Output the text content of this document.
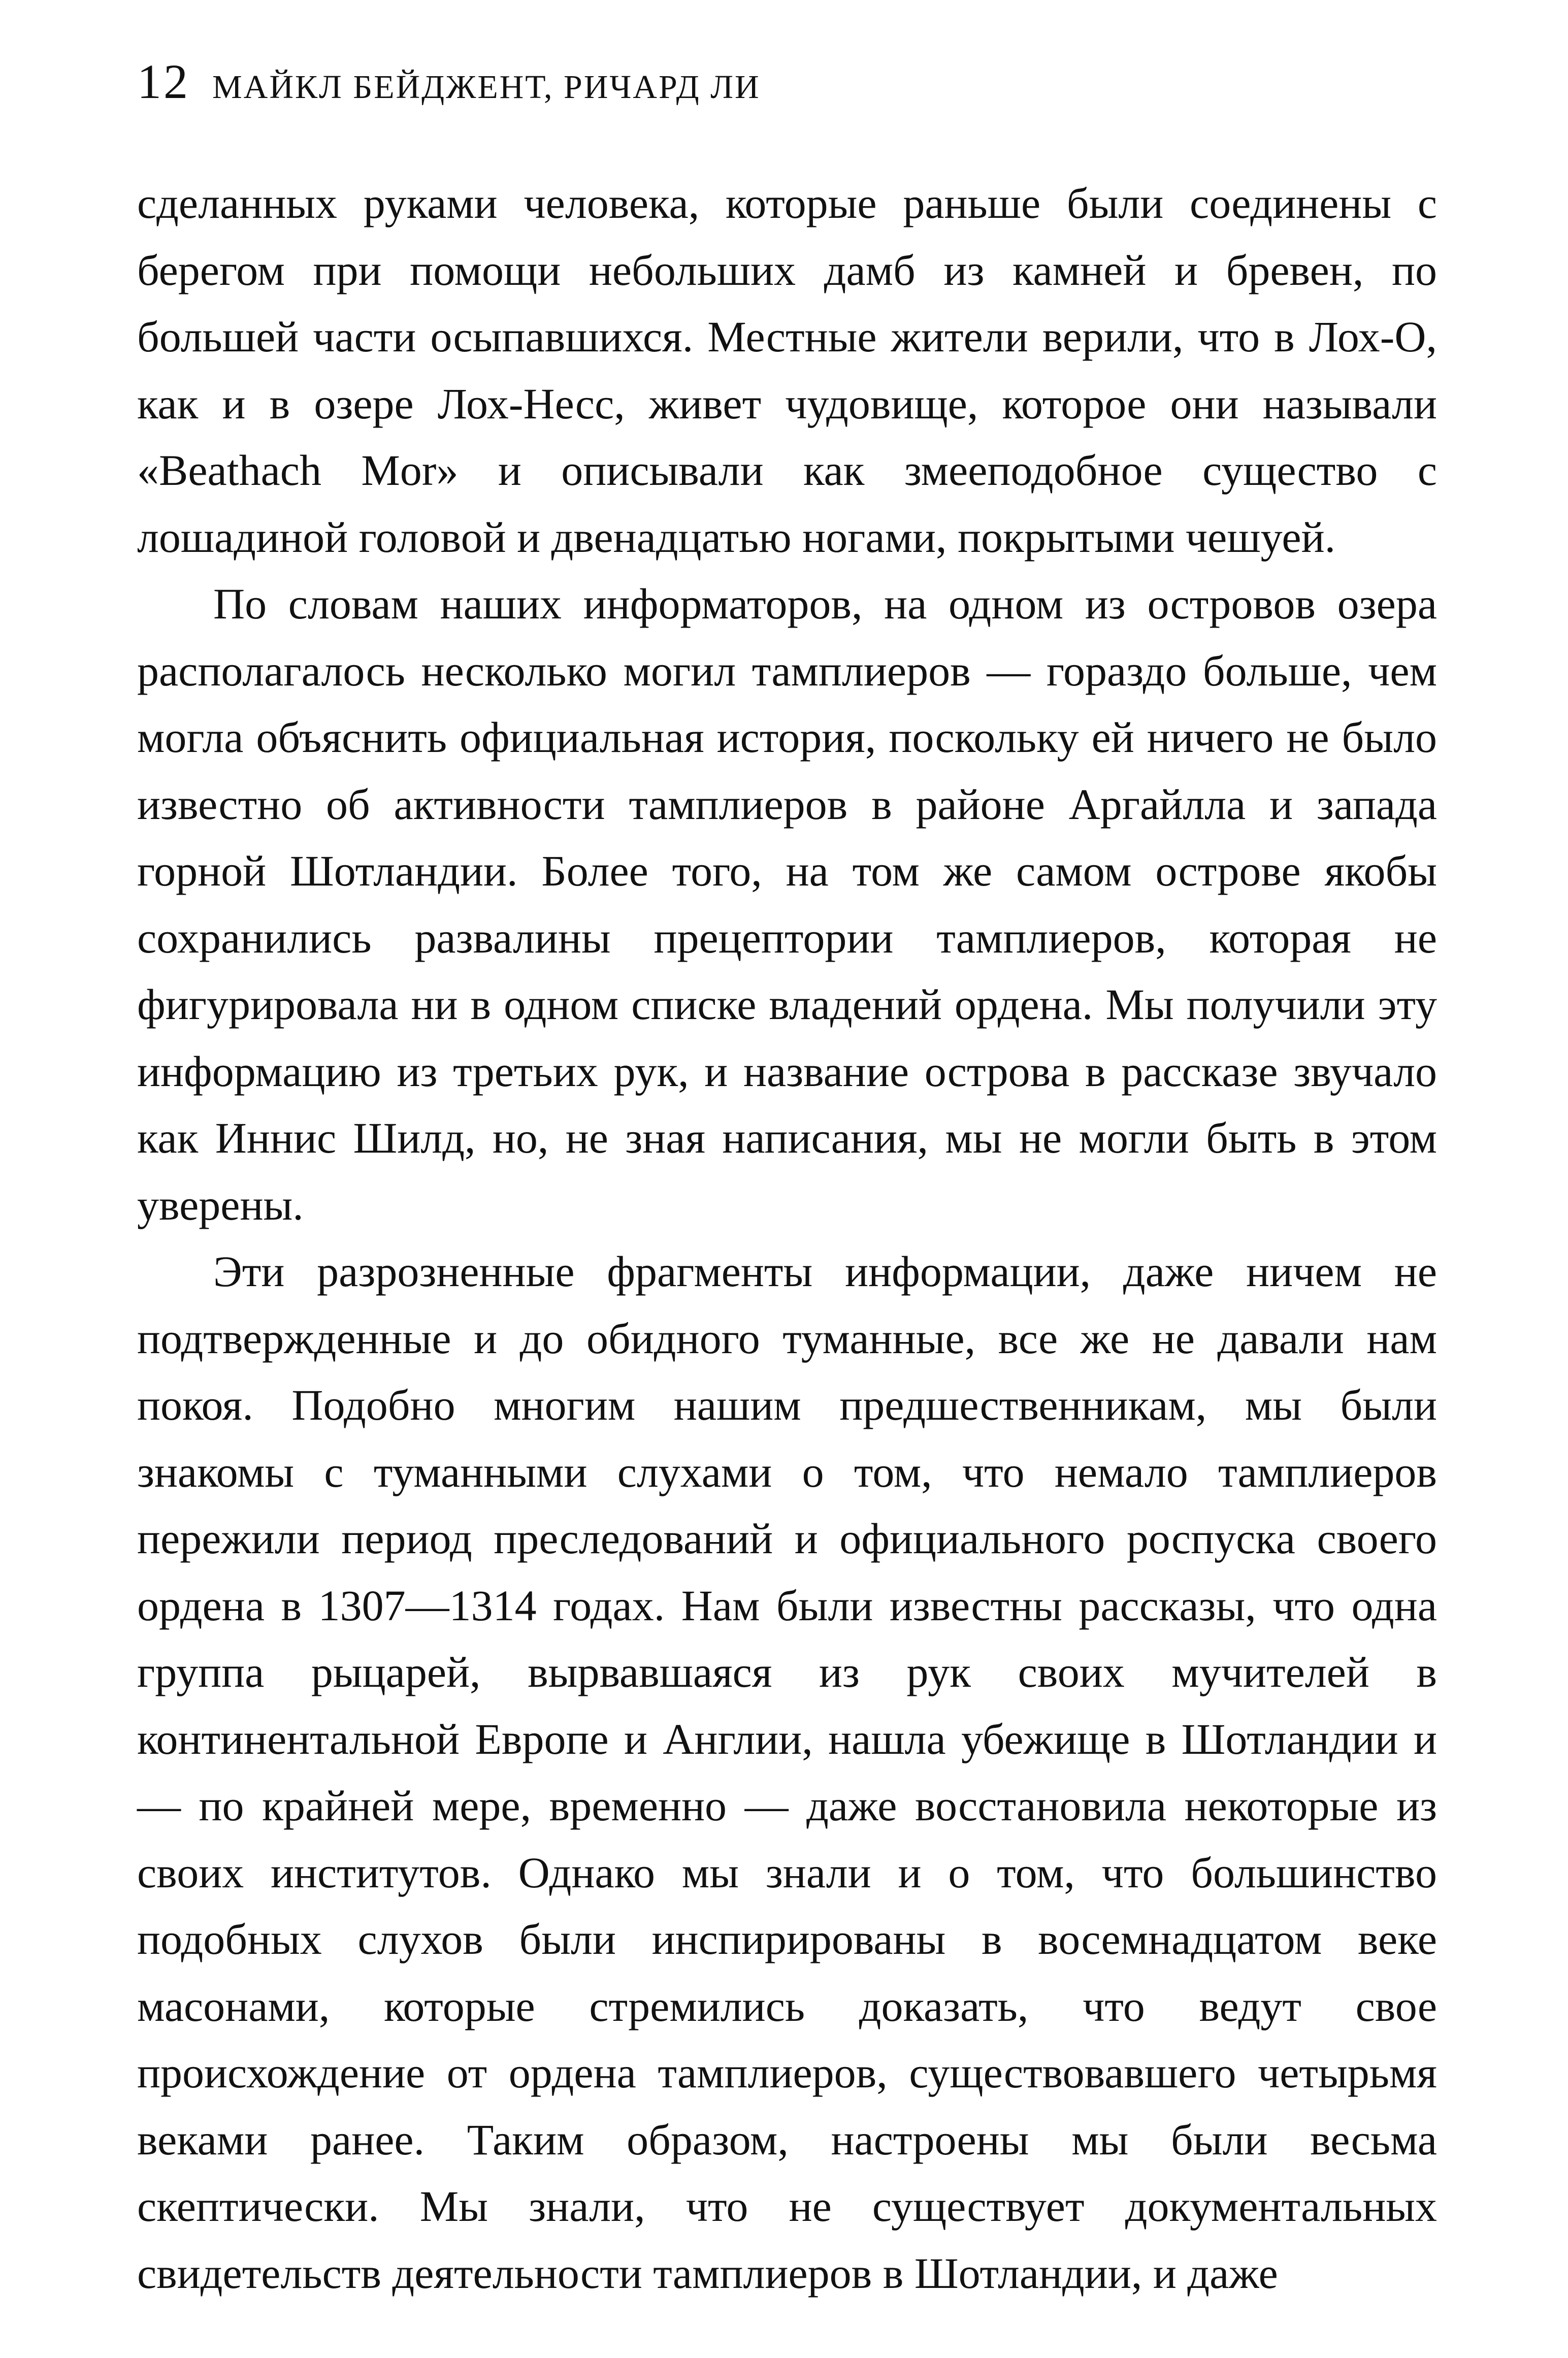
12 МАЙКЛ БЕЙДЖЕНТ, РИЧАРД ЛИ

сделанных руками человека, которые раньше были соединены с берегом при помощи небольших дамб из камней и бревен, по большей части осыпавшихся. Местные жители верили, что в Лох-О, как и в озере Лох-Несс, живет чудовище, которое они называли «Beathach Mor» и описывали как змееподобное существо с лошадиной головой и двенадцатью ногами, покрытыми чешуей.

По словам наших информаторов, на одном из островов озера располагалось несколько могил тамплиеров — гораздо больше, чем могла объяснить официальная история, поскольку ей ничего не было известно об активности тамплиеров в районе Аргайлла и запада горной Шотландии. Более того, на том же самом острове якобы сохранились развалины прецептории тамплиеров, которая не фигурировала ни в одном списке владений ордена. Мы получили эту информацию из третьих рук, и название острова в рассказе звучало как Иннис Шилд, но, не зная написания, мы не могли быть в этом уверены.

Эти разрозненные фрагменты информации, даже ничем не подтвержденные и до обидного туманные, все же не давали нам покоя. Подобно многим нашим предшественникам, мы были знакомы с туманными слухами о том, что немало тамплиеров пережили период преследований и официального роспуска своего ордена в 1307—1314 годах. Нам были известны рассказы, что одна группа рыцарей, вырвавшаяся из рук своих мучителей в континентальной Европе и Англии, нашла убежище в Шотландии и — по крайней мере, временно — даже восстановила некоторые из своих институтов. Однако мы знали и о том, что большинство подобных слухов были инспирированы в восемнадцатом веке масонами, которые стремились доказать, что ведут свое происхождение от ордена тамплиеров, существовавшего четырьмя веками ранее. Таким образом, настроены мы были весьма скептически. Мы знали, что не существует документальных свидетельств деятельности тамплиеров в Шотландии, и даже
